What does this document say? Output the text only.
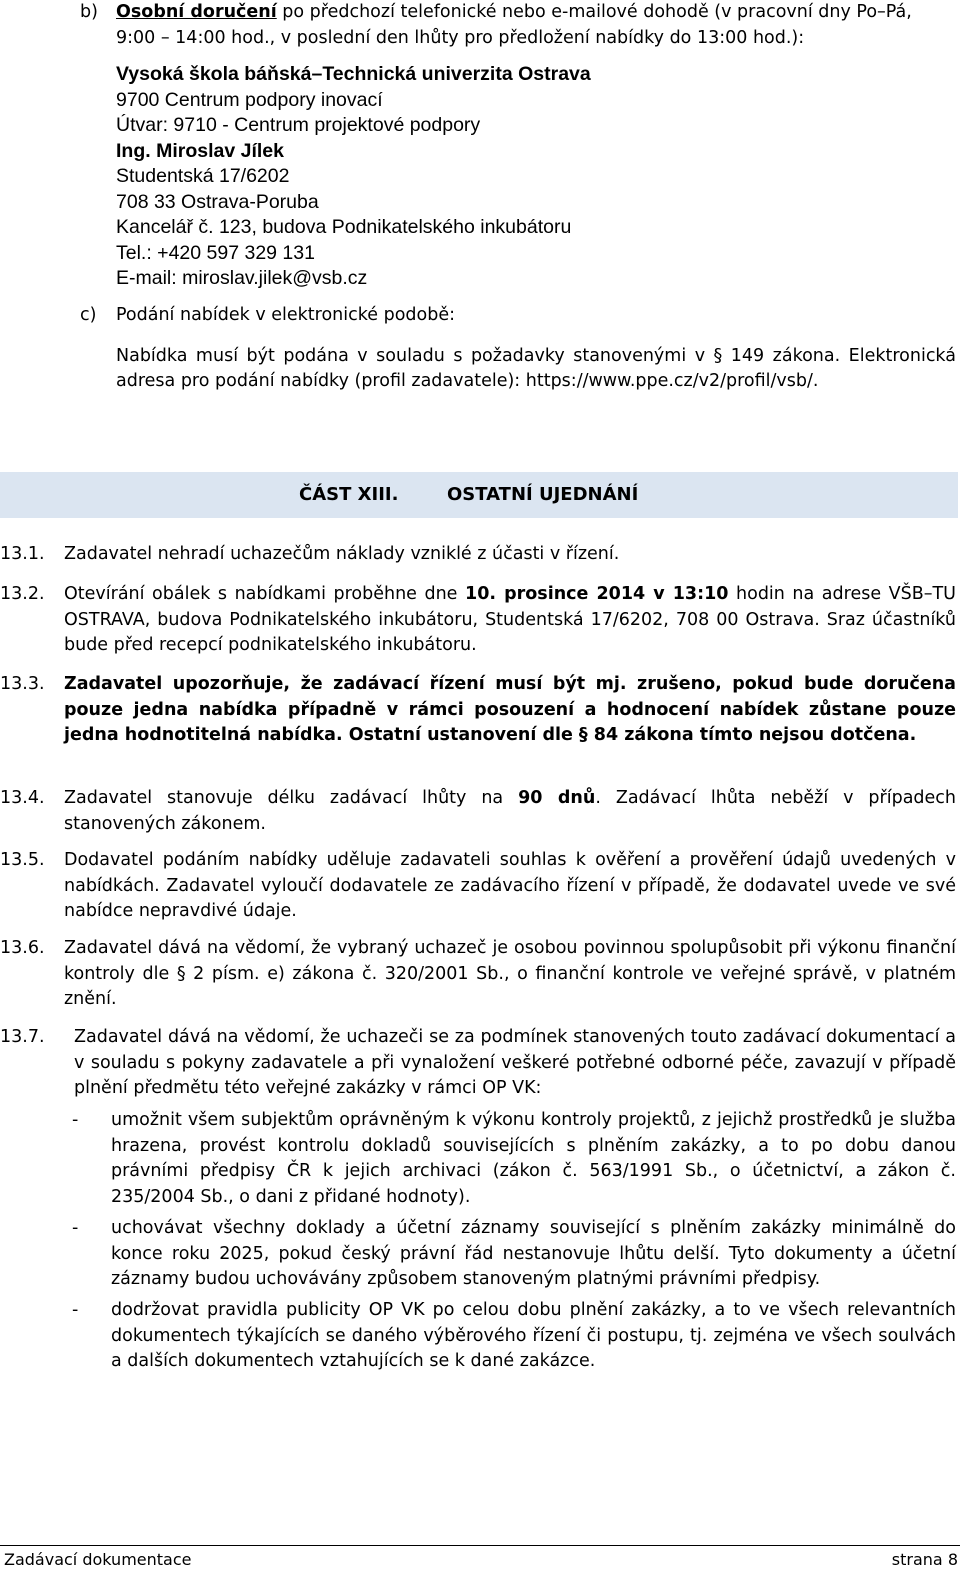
b) Osobní doručení po předchozí telefonické nebo e-mailové dohodě (v pracovní dny Po–Pá, 9:00 – 14:00 hod., v poslední den lhůty pro předložení nabídky do 13:00 hod.):
Vysoká škola báňská–Technická univerzita Ostrava
9700 Centrum podpory inovací
Útvar: 9710 - Centrum projektové podpory
Ing. Miroslav Jílek
Studentská 17/6202
708 33 Ostrava-Poruba
Kancelář č. 123, budova Podnikatelského inkubátoru
Tel.: +420 597 329 131
E-mail: miroslav.jilek@vsb.cz
c) Podání nabídek v elektronické podobě:
Nabídka musí být podána v souladu s požadavky stanovenými v § 149 zákona. Elektronická adresa pro podání nabídky (profil zadavatele): https://www.ppe.cz/v2/profil/vsb/.
ČÁST XIII.	OSTATNÍ UJEDNÁNÍ
13.1. Zadavatel nehradí uchazečům náklady vzniklé z účasti v řízení.
13.2. Otevírání obálek s nabídkami proběhne dne 10. prosince 2014 v 13:10 hodin na adrese VŠB–TU OSTRAVA, budova Podnikatelského inkubátoru, Studentská 17/6202, 708 00 Ostrava. Sraz účastníků bude před recepcí podnikatelského inkubátoru.
13.3. Zadavatel upozorňuje, že zadávací řízení musí být mj. zrušeno, pokud bude doručena pouze jedna nabídka případně v rámci posouzení a hodnocení nabídek zůstane pouze jedna hodnotitelná nabídka. Ostatní ustanovení dle § 84 zákona tímto nejsou dotčena.
13.4. Zadavatel stanovuje délku zadávací lhůty na 90 dnů. Zadávací lhůta neběží v případech stanovených zákonem.
13.5. Dodavatel podáním nabídky uděluje zadavateli souhlas k ověření a prověření údajů uvedených v nabídkách. Zadavatel vyloučí dodavatele ze zadávacího řízení v případě, že dodavatel uvede ve své nabídce nepravdivé údaje.
13.6. Zadavatel dává na vědomí, že vybraný uchazeč je osobou povinnou spolupůsobit při výkonu finanční kontroly dle § 2 písm. e) zákona č. 320/2001 Sb., o finanční kontrole ve veřejné správě, v platném znění.
13.7. Zadavatel dává na vědomí, že uchazeči se za podmínek stanovených touto zadávací dokumentací a v souladu s pokyny zadavatele a při vynaložení veškeré potřebné odborné péče, zavazují v případě plnění předmětu této veřejné zakázky v rámci OP VK:
- umožnit všem subjektům oprávněným k výkonu kontroly projektů, z jejichž prostředků je služba hrazena, provést kontrolu dokladů souvisejících s plněním zakázky, a to po dobu danou právními předpisy ČR k jejich archivaci (zákon č. 563/1991 Sb., o účetnictví, a zákon č. 235/2004 Sb., o dani z přidané hodnoty).
- uchovávat všechny doklady a účetní záznamy související s plněním zakázky minimálně do konce roku 2025, pokud český právní řád nestanovuje lhůtu delší. Tyto dokumenty a účetní záznamy budou uchovávány způsobem stanoveným platnými právními předpisy.
- dodržovat pravidla publicity OP VK po celou dobu plnění zakázky, a to ve všech relevantních dokumentech týkajících se daného výběrového řízení či postupu, tj. zejména ve všech soulvách a dalších dokumentech vztahujících se k dané zakázce.
Zadávací dokumentace	strana 8
